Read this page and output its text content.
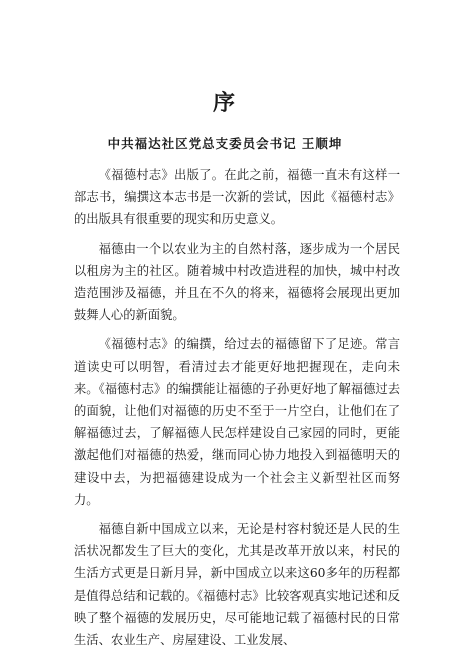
序
中共福达社区党总支委员会书记 王顺坤

《福德村志》出版了。在此之前，福德一直未有这样一部志书，编撰这本志书是一次新的尝试，因此《福德村志》的出版具有很重要的现实和历史意义。

福德由一个以农业为主的自然村落，逐步成为一个居民以租房为主的社区。随着城中村改造进程的加快，城中村改造范围涉及福德，并且在不久的将来，福德将会展现出更加鼓舞人心的新面貌。

《福德村志》的编撰，给过去的福德留下了足迹。常言道读史可以明智，看清过去才能更好地把握现在，走向未来。《福德村志》的编撰能让福德的子孙更好地了解福德过去的面貌，让他们对福德的历史不至于一片空白，让他们在了解福德过去，了解福德人民怎样建设自己家园的同时，更能激起他们对福德的热爱，继而同心协力地投入到福德明天的建设中去，为把福德建设成为一个社会主义新型社区而努力。

福德自新中国成立以来，无论是村容村貌还是人民的生活状况都发生了巨大的变化，尤其是改革开放以来，村民的生活方式更是日新月异，新中国成立以来这60多年的历程都是值得总结和记载的。《福德村志》比较客观真实地记述和反映了整个福德的发展历史，尽可能地记载了福德村民的日常生活、农业生产、房屋建设、工业发展、
